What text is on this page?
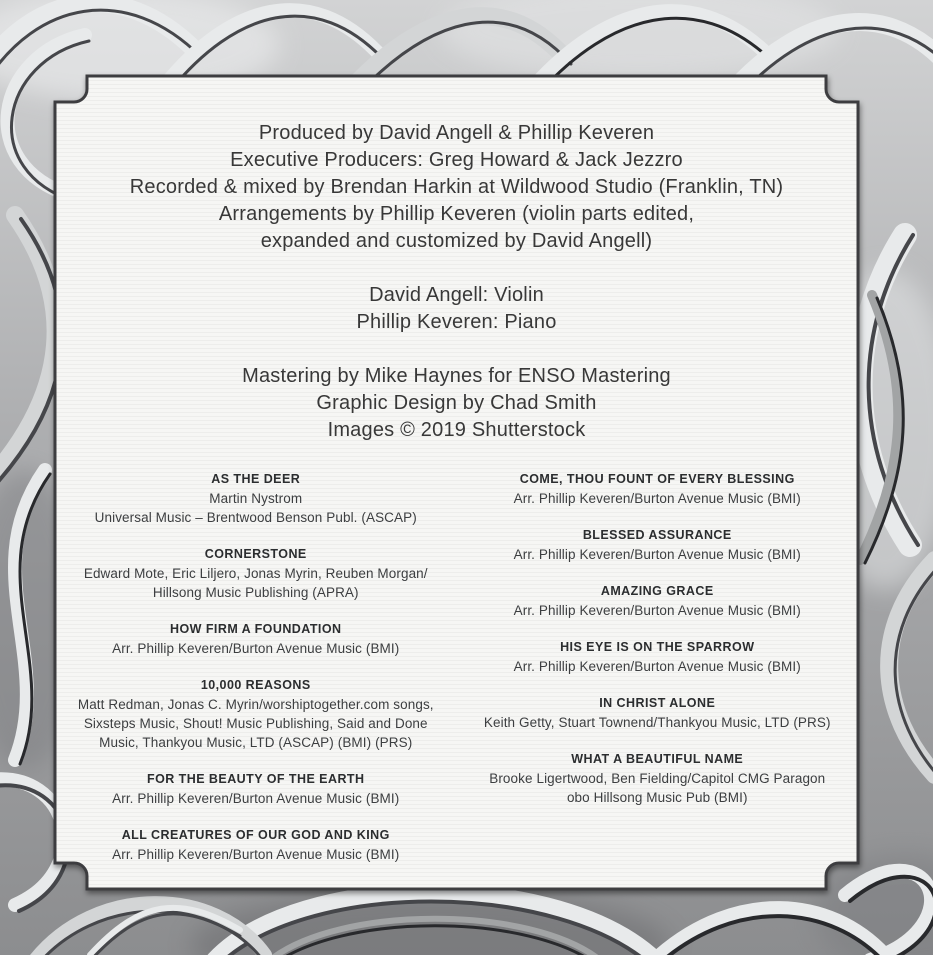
Produced by David Angell & Phillip Keveren
Executive Producers: Greg Howard & Jack Jezzro
Recorded & mixed by Brendan Harkin at Wildwood Studio (Franklin, TN)
Arrangements by Phillip Keveren (violin parts edited,
expanded and customized by David Angell)
David Angell: Violin
Phillip Keveren: Piano
Mastering by Mike Haynes for ENSO Mastering
Graphic Design by Chad Smith
Images © 2019 Shutterstock
AS THE DEER
Martin Nystrom
Universal Music – Brentwood Benson Publ. (ASCAP)
CORNERSTONE
Edward Mote, Eric Liljero, Jonas Myrin, Reuben Morgan/
Hillsong Music Publishing (APRA)
HOW FIRM A FOUNDATION
Arr. Phillip Keveren/Burton Avenue Music (BMI)
10,000 REASONS
Matt Redman, Jonas C. Myrin/worshiptogether.com songs,
Sixsteps Music, Shout! Music Publishing, Said and Done
Music, Thankyou Music, LTD (ASCAP) (BMI) (PRS)
FOR THE BEAUTY OF THE EARTH
Arr. Phillip Keveren/Burton Avenue Music (BMI)
ALL CREATURES OF OUR GOD AND KING
Arr. Phillip Keveren/Burton Avenue Music (BMI)
COME, THOU FOUNT OF EVERY BLESSING
Arr. Phillip Keveren/Burton Avenue Music (BMI)
BLESSED ASSURANCE
Arr. Phillip Keveren/Burton Avenue Music (BMI)
AMAZING GRACE
Arr. Phillip Keveren/Burton Avenue Music (BMI)
HIS EYE IS ON THE SPARROW
Arr. Phillip Keveren/Burton Avenue Music (BMI)
IN CHRIST ALONE
Keith Getty, Stuart Townend/Thankyou Music, LTD (PRS)
WHAT A BEAUTIFUL NAME
Brooke Ligertwood, Ben Fielding/Capitol CMG Paragon
obo Hillsong Music Pub (BMI)
